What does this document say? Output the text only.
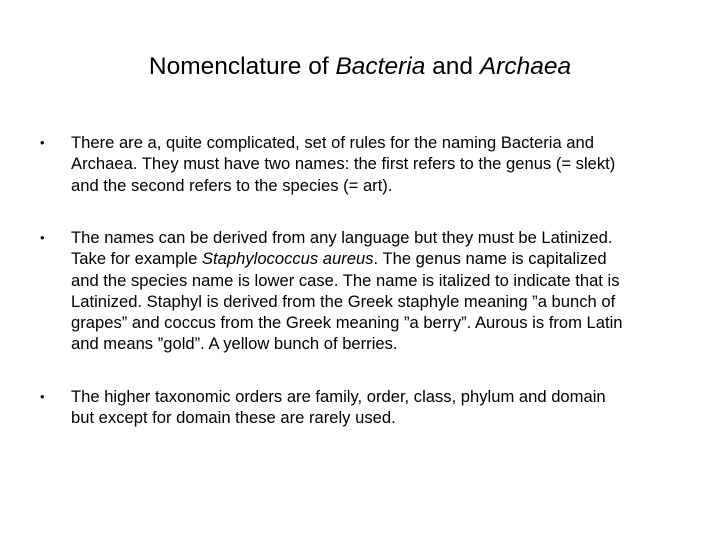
Nomenclature of Bacteria and Archaea
• There are a, quite complicated, set of rules for the naming Bacteria and
Archaea. They must have two names: the first refers to the genus (= slekt)
and the second refers to the species (= art).

• The names can be derived from any language but they must be Latinized.
Take for example Staphylococcus aureus. The genus name is capitalized
and the species name is lower case. The name is italized to indicate that is
Latinized. Staphyl is derived from the Greek staphyle meaning ”a bunch of
grapes” and coccus from the Greek meaning ”a berry”. Aurous is from Latin
and means ”gold”. A yellow bunch of berries.

• The higher taxonomic orders are family, order, class, phylum and domain
but except for domain these are rarely used.
